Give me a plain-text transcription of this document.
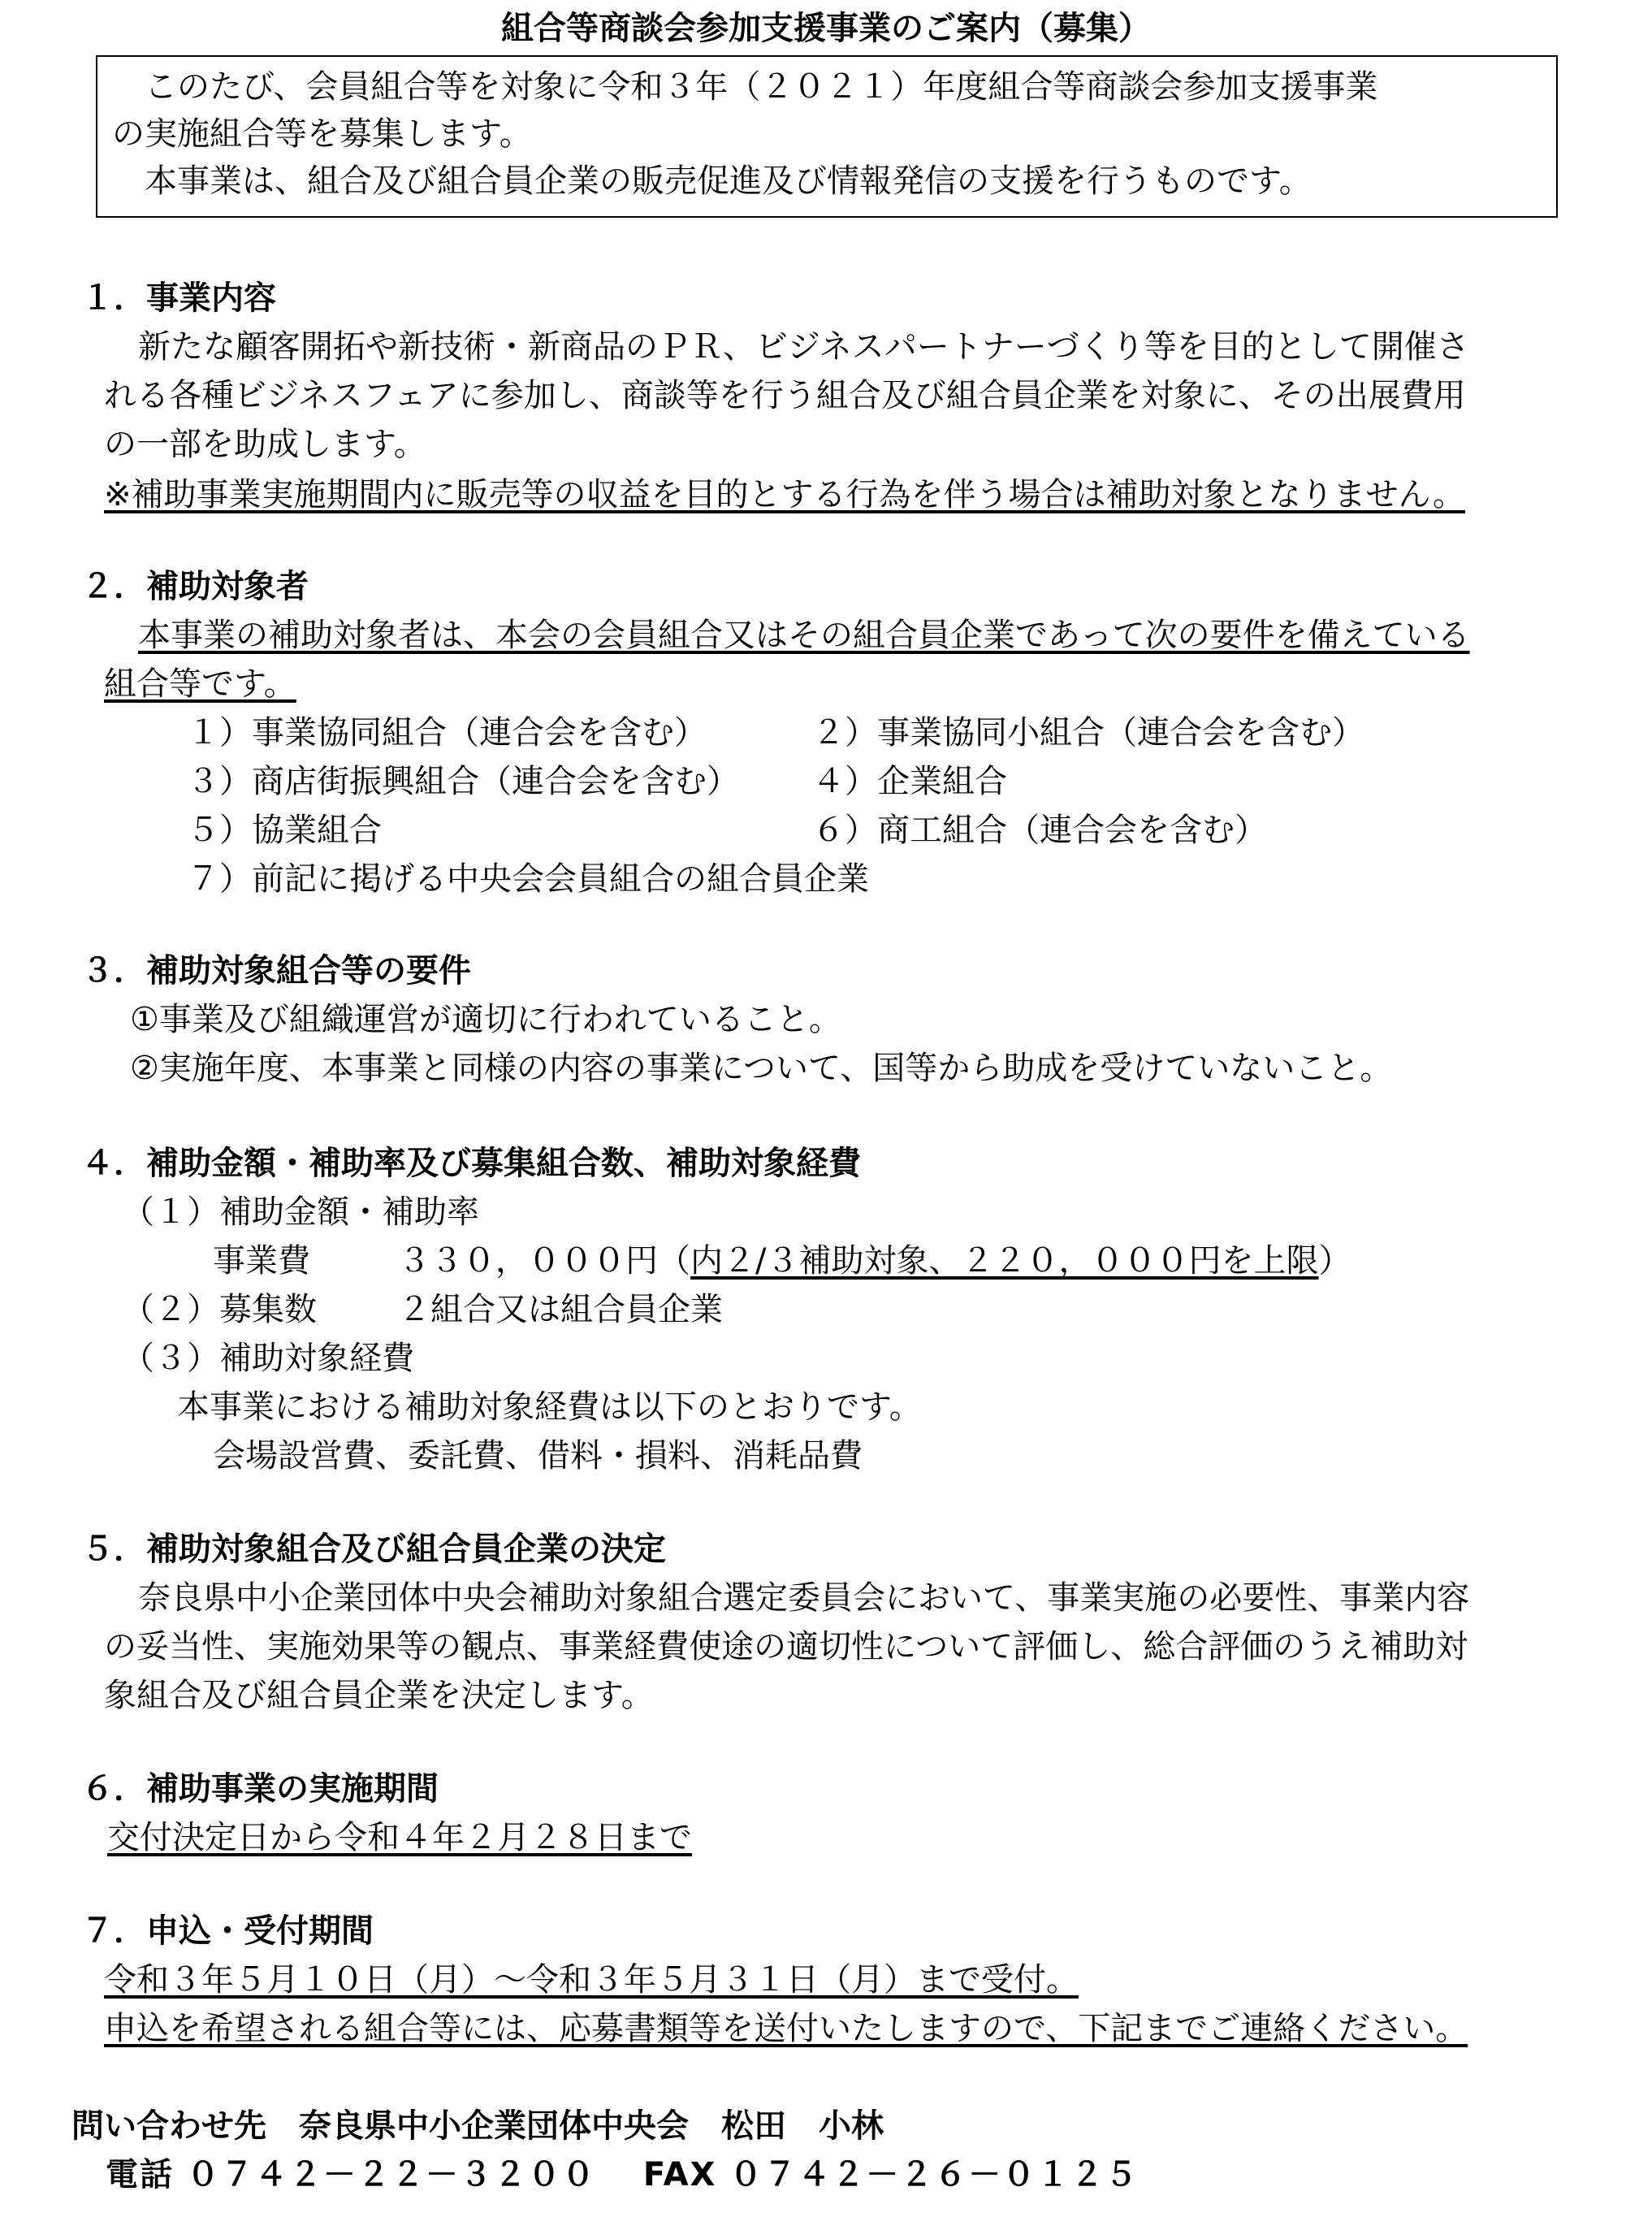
組合等商談会参加支援事業のご案内（募集）

このたび、会員組合等を対象に令和３年（２０２１）年度組合等商談会参加支援事業

の実施組合等を募集します。

本事業は、組合及び組合員企業の販売促進及び情報発信の支援を行うものです。

１．事業内容
新たな顧客開拓や新技術・新商品のＰＲ、ビジネスパートナーづくり等を目的として開催さ
れる各種ビジネスフェアに参加し、商談等を行う組合及び組合員企業を対象に、その出展費用
の一部を助成します。
※補助事業実施期間内に販売等の収益を目的とする行為を伴う場合は補助対象となりません。
２．補助対象者
本事業の補助対象者は、本会の会員組合又はその組合員企業であって次の要件を備えている
組合等です。
１）事業協同組合（連合会を含む）	２）事業協同小組合（連合会を含む）
３）商店街振興組合（連合会を含む） ４）企業組合
５）協業組合	６）商工組合（連合会を含む）
７）前記に掲げる中央会会員組合の組合員企業
３．補助対象組合等の要件
①事業及び組織運営が適切に行われていること。
②実施年度、本事業と同様の内容の事業について、国等から助成を受けていないこと。
４．補助金額・補助率及び募集組合数、補助対象経費
（１）補助金額・補助率
事業費	３３０，０００円（内２/３補助対象、２２０，０００円を上限）
（２）募集数	２組合又は組合員企業
（３）補助対象経費
本事業における補助対象経費は以下のとおりです。
会場設営費、委託費、借料・損料、消耗品費
５．補助対象組合及び組合員企業の決定
奈良県中小企業団体中央会補助対象組合選定委員会において、事業実施の必要性、事業内容
の妥当性、実施効果等の観点、事業経費使途の適切性について評価し、総合評価のうえ補助対
象組合及び組合員企業を決定します。
６．補助事業の実施期間
交付決定日から令和４年２月２８日まで
７．申込・受付期間
令和３年５月１０日（月）～令和３年５月３１日（月）まで受付。
申込を希望される組合等には、応募書類等を送付いたしますので、下記までご連絡ください。
問い合わせ先　奈良県中小企業団体中央会　松田　小林
電話 ０７４２－２２－３２００　 FAX ０７４２－２６－０１２５
